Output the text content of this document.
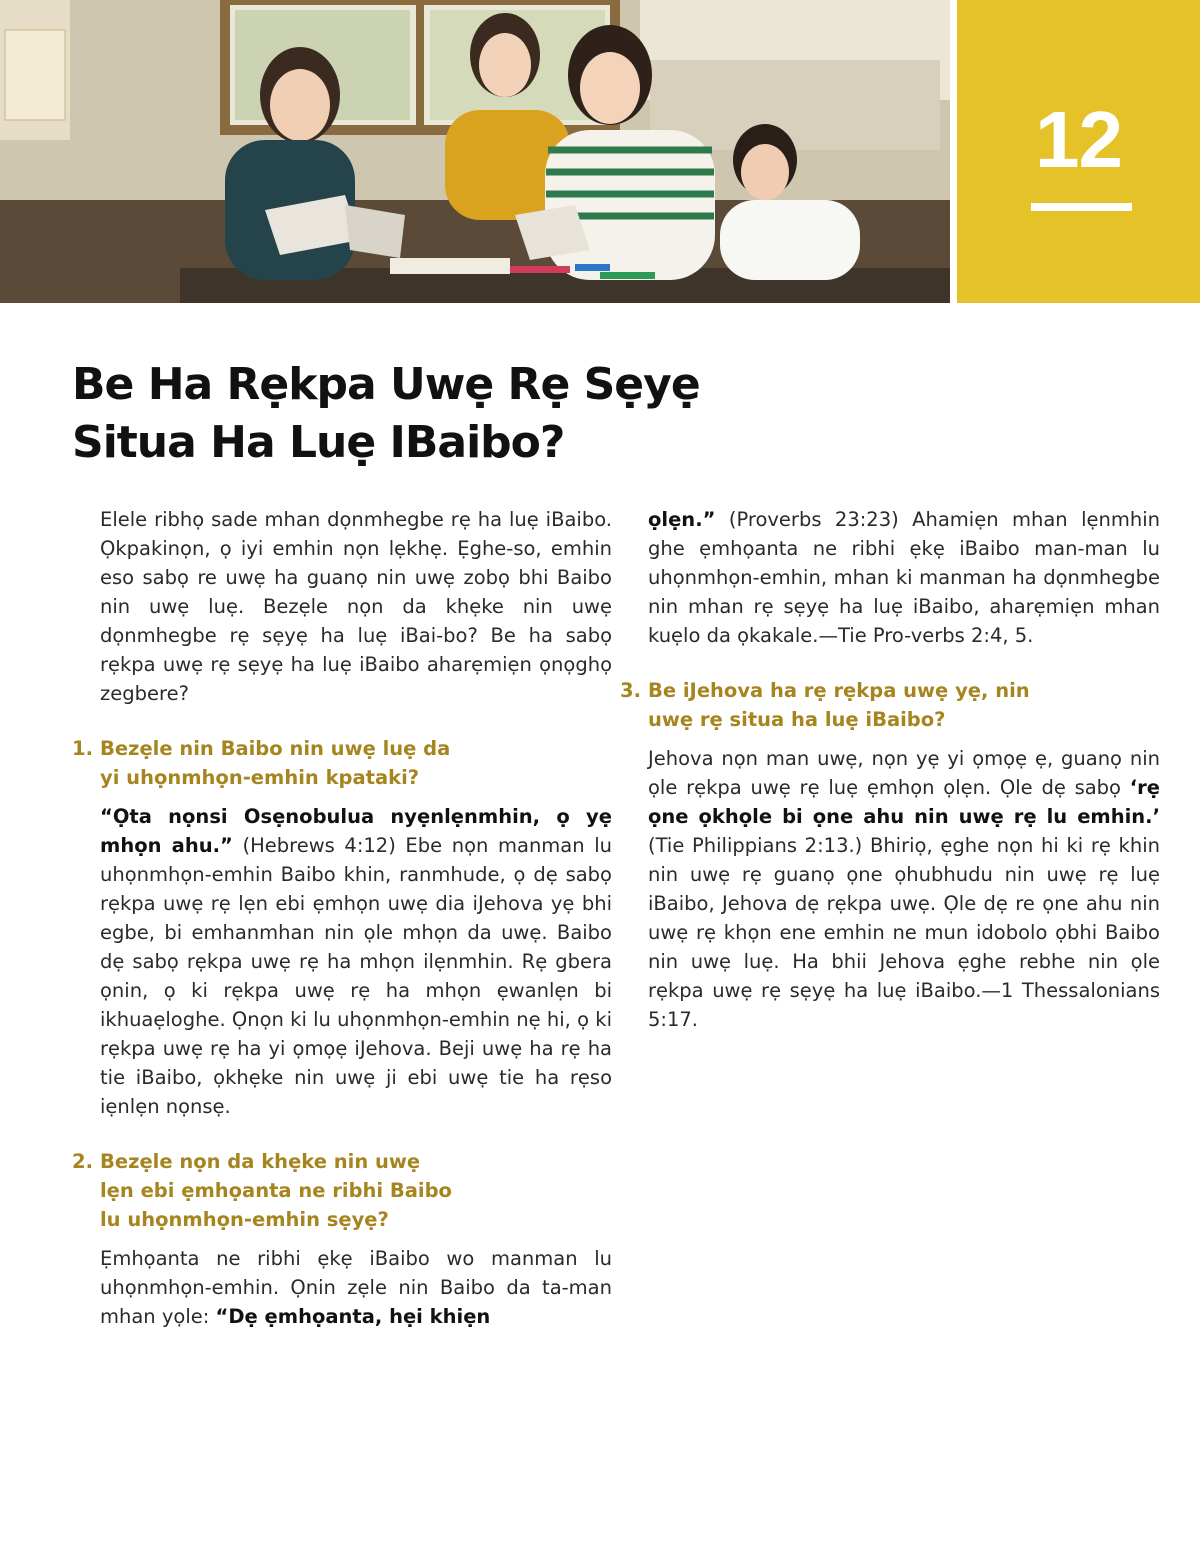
12
Be Ha Rẹkpa Uwẹ Rẹ Sẹyẹ
Situa Ha Luẹ IBaibo?

Elele ribhọ sade mhan dọnmhegbe rẹ ha luẹ iBaibo. Ọkpakinọn, ọ iyi emhin nọn lẹkhẹ. Ẹghe-so, emhin eso sabọ re uwẹ ha guanọ nin uwẹ zobọ bhi Baibo nin uwẹ luẹ. Bezẹle nọn da khẹke nin uwẹ dọnmhegbe rẹ sẹyẹ ha luẹ iBai-bo? Be ha sabọ rẹkpa uwẹ rẹ sẹyẹ ha luẹ iBaibo aharẹmiẹn ọnọghọ zegbere?

1. Bezẹle nin Baibo nin uwẹ luẹ da yi uhọnmhọn-emhin kpataki?

“Ọta nọnsi Osẹnobulua nyẹnlẹnmhin, ọ yẹ mhọn ahu.” (Hebrews 4:12) Ebe nọn manman lu uhọnmhọn-emhin Baibo khin, ranmhude, ọ dẹ sabọ rẹkpa uwẹ rẹ lẹn ebi ẹmhọn uwẹ dia iJehova yẹ bhi egbe, bi emhanmhan nin ọle mhọn da uwẹ. Baibo dẹ sabọ rẹkpa uwẹ rẹ ha mhọn ilẹnmhin. Rẹ gbera ọnin, ọ ki rẹkpa uwẹ rẹ ha mhọn ẹwanlẹn bi ikhuaẹloghe. Ọnọn ki lu uhọnmhọn-emhin nẹ hi, ọ ki rẹkpa uwẹ rẹ ha yi ọmọẹ iJehova. Beji uwẹ ha rẹ ha tie iBaibo, ọkhẹke nin uwẹ ji ebi uwẹ tie ha rẹso iẹnlẹn nọnsẹ.

2. Bezẹle nọn da khẹke nin uwẹ lẹn ebi ẹmhọanta ne ribhi Baibo lu uhọnmhọn-emhin sẹyẹ?

Ẹmhọanta ne ribhi ẹkẹ iBaibo wo manman lu uhọnmhọn-emhin. Ọnin zẹle nin Baibo da ta-man mhan yọle: “Dẹ ẹmhọanta, hẹi khiẹn

ọlẹn.” (Proverbs 23:23) Ahamiẹn mhan lẹnmhin ghe ẹmhọanta ne ribhi ẹkẹ iBaibo man-man lu uhọnmhọn-emhin, mhan ki manman ha dọnmhegbe nin mhan rẹ sẹyẹ ha luẹ iBaibo, aharẹmiẹn mhan kuẹlo da ọkakale.—Tie Pro-verbs 2:4, 5.

3. Be iJehova ha rẹ rẹkpa uwẹ yẹ, nin uwẹ rẹ situa ha luẹ iBaibo?

Jehova nọn man uwẹ, nọn yẹ yi ọmọẹ ẹ, guanọ nin ọle rẹkpa uwẹ rẹ luẹ ẹmhọn ọlẹn. Ọle dẹ sabọ ‘rẹ ọne ọkhọle bi ọne ahu nin uwẹ rẹ lu emhin.’ (Tie Philippians 2:13.) Bhiriọ, ẹghe nọn hi ki rẹ khin nin uwẹ rẹ guanọ ọne ọhubhudu nin uwẹ rẹ luẹ iBaibo, Jehova dẹ rẹkpa uwẹ. Ọle dẹ re ọne ahu nin uwẹ rẹ khọn ene emhin ne mun idobolo ọbhi Baibo nin uwẹ luẹ. Ha bhii Jehova ẹghe rebhe nin ọle rẹkpa uwẹ rẹ sẹyẹ ha luẹ iBaibo.—1 Thessalonians 5:17.
